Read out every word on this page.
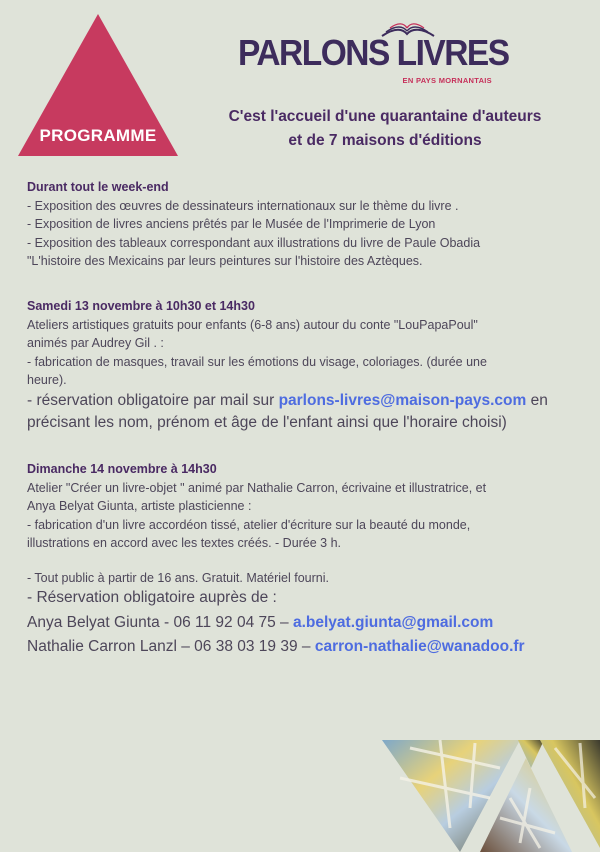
PROGRAMME
PARLONS LIVRES
EN PAYS MORNANTAIS
C'est l'accueil d'une quarantaine d'auteurs
et de 7 maisons d'éditions
Durant tout le week-end
- Exposition des œuvres de dessinateurs internationaux sur le thème du livre .
- Exposition de livres anciens prêtés par le Musée de l'Imprimerie de Lyon
- Exposition des tableaux correspondant aux illustrations du livre de Paule Obadia
"L'histoire des Mexicains par leurs peintures sur l'histoire des Aztèques.
Samedi 13 novembre à 10h30 et 14h30
Ateliers artistiques gratuits pour enfants (6-8 ans) autour du conte "LouPapaPoul"
animés par Audrey Gil . :
- fabrication de masques, travail sur les émotions du visage, coloriages. (durée une
heure).
- réservation obligatoire par mail sur parlons-livres@maison-pays.com en
précisant les nom, prénom et âge de l'enfant ainsi que l'horaire choisi)
Dimanche 14 novembre à 14h30
Atelier "Créer un livre-objet " animé par Nathalie Carron, écrivaine et illustratrice, et
Anya Belyat Giunta, artiste plasticienne :
- fabrication d'un livre accordéon tissé, atelier d'écriture sur la beauté du monde,
illustrations en accord avec les textes créés. - Durée 3 h.
- Tout public à partir de 16 ans. Gratuit. Matériel fourni.
- Réservation obligatoire auprès de :
Anya Belyat Giunta - 06 11 92 04 75 – a.belyat.giunta@gmail.com
Nathalie Carron Lanzl – 06 38 03 19 39 – carron-nathalie@wanadoo.fr
